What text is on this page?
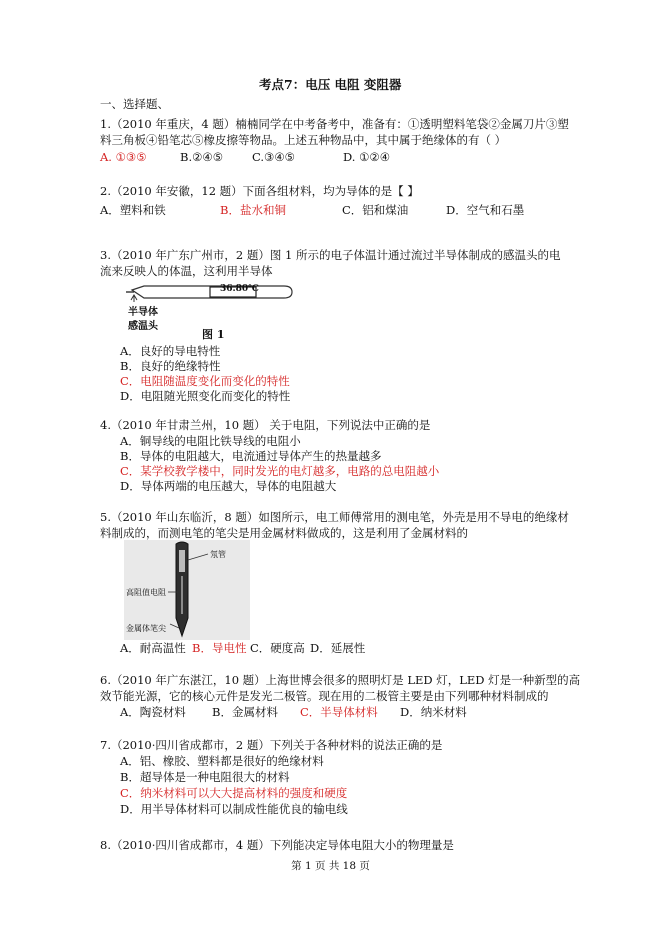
考点7：电压 电阻 变阻器
一、选择题、
1.（2010 年重庆，4 题）楠楠同学在中考备考中，准备有：①透明塑料笔袋②金属刀片③塑
料三角板④铅笔芯⑤橡皮擦等物品。上述五种物品中，其中属于绝缘体的有（ ）
A. ①③⑤	B.②④⑤	C.③④⑤	D. ①②④
2.（2010 年安徽，12 题）下面各组材料，均为导体的是【 】
A．塑料和铁	B．盐水和铜	C．铝和煤油	D．空气和石墨
3.（2010 年广东广州市，2 题）图 1 所示的电子体温计通过流过半导体制成的感温头的电
流来反映人的体温，这利用半导体
36.80℃
半导体
感温头
图 1
A．良好的导电特性
B．良好的绝缘特性
C．电阻随温度变化而变化的特性
D．电阻随光照变化而变化的特性
4.（2010 年甘肃兰州，10 题） 关于电阻，下列说法中正确的是
A．铜导线的电阻比铁导线的电阻小
B．导体的电阻越大，电流通过导体产生的热量越多
C．某学校教学楼中，同时发光的电灯越多，电路的总电阻越小
D．导体两端的电压越大，导体的电阻越大
5.（2010 年山东临沂，8 题）如图所示，电工师傅常用的测电笔，外壳是用不导电的绝缘材
料制成的，而测电笔的笔尖是用金属材料做成的，这是利用了金属材料的
氖管
高阻值电阻
金属体笔尖
A．耐高温性 B．导电性 C．硬度高 D．延展性
6.（2010 年广东湛江，10 题）上海世博会很多的照明灯是 LED 灯，LED 灯是一种新型的高
效节能光源，它的核心元件是发光二极管。现在用的二极管主要是由下列哪种材料制成的
A．陶瓷材料 B．金属材料 C．半导体材料 D．纳米材料
7.（2010·四川省成都市，2 题）下列关于各种材料的说法正确的是
A．铝、橡胶、塑料都是很好的绝缘材料
B．超导体是一种电阻很大的材料
C．纳米材料可以大大提高材料的强度和硬度
D．用半导体材料可以制成性能优良的输电线
8.（2010·四川省成都市，4 题）下列能决定导体电阻大小的物理量是
第 1 页 共 18 页
